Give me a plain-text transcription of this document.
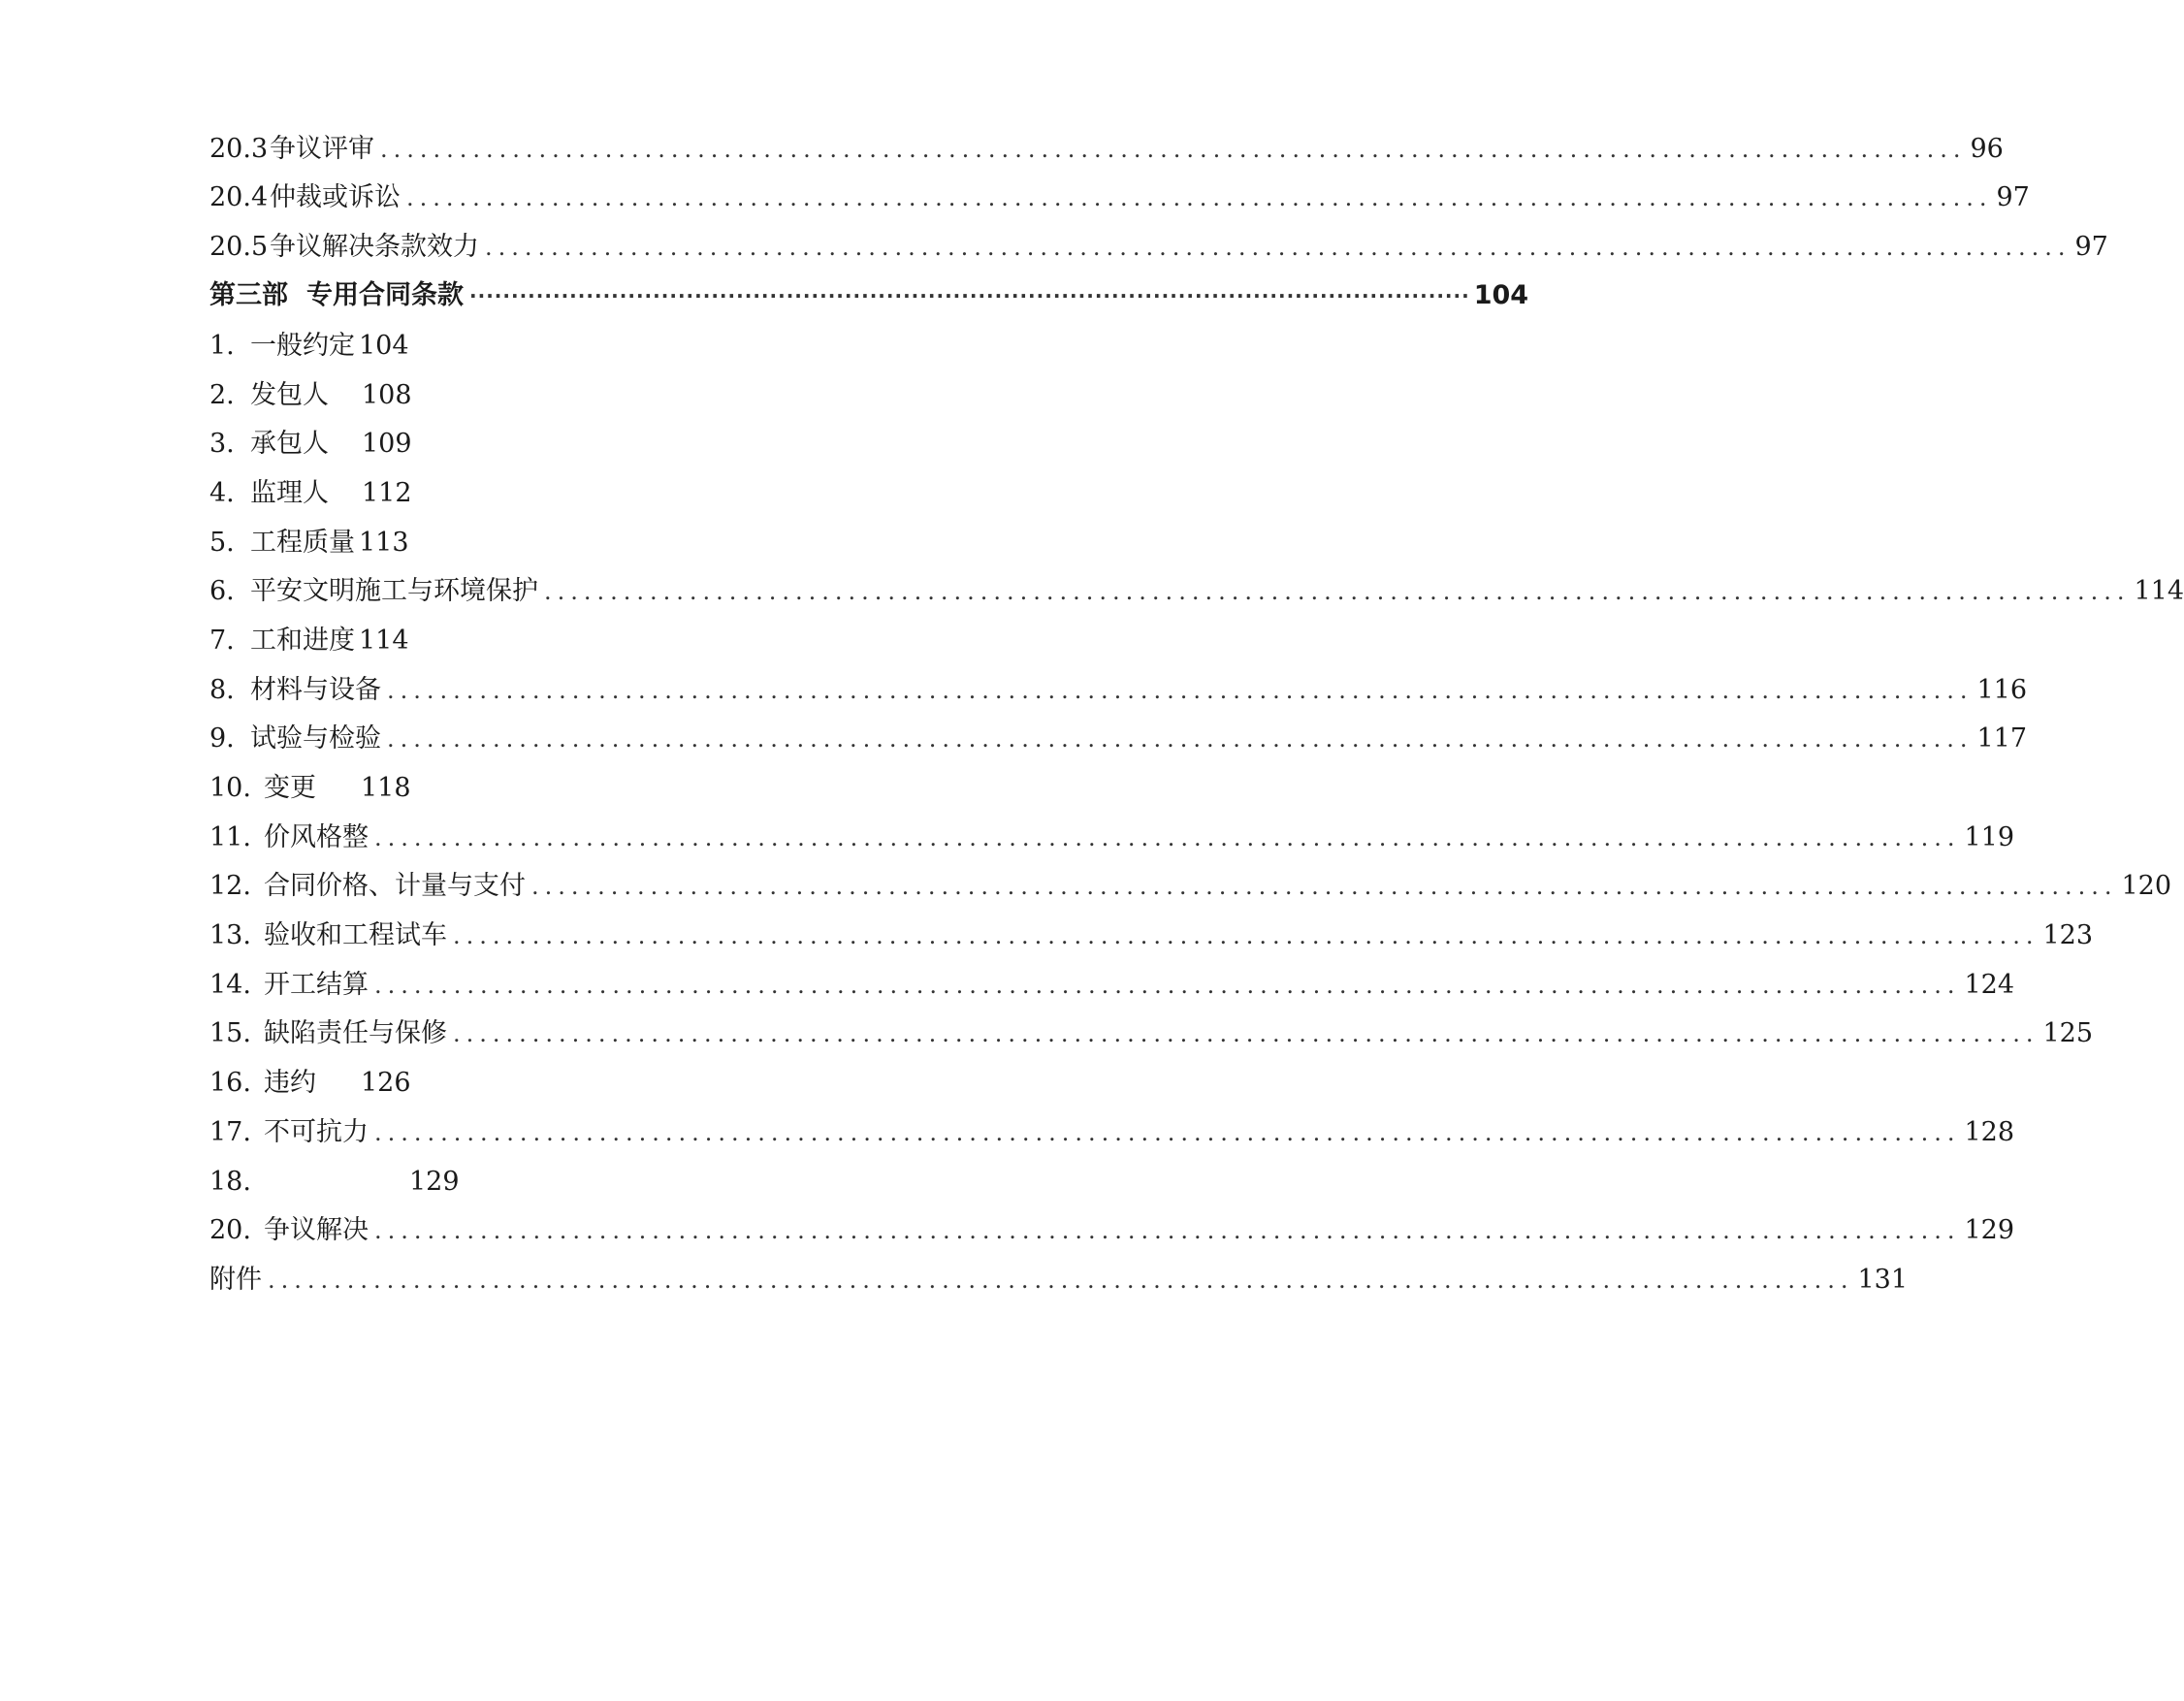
20.3 争议评审 ........................................................................................................................ 96
20.4 仲裁或诉讼 ........................................................................................................................ 97
20.5 争议解决条款效力 ........................................................................................................................ 97
第三部 专用合同条款 ························································································································ 104
1. 一般约定 104
2. 发包人 108
3. 承包人 109
4. 监理人 112
5. 工程质量 113
6. 平安文明施工与环境保护 ........................................................................................................................ 114
7. 工和进度 114
8. 材料与设备 ........................................................................................................................ 116
9. 试验与检验 ........................................................................................................................ 117
10. 变更 118
11. 价风格整 ........................................................................................................................ 119
12. 合同价格、计量与支付 ........................................................................................................................ 120
13. 验收和工程试车 ........................................................................................................................ 123
14. 开工结算 ........................................................................................................................ 124
15. 缺陷责任与保修 ........................................................................................................................ 125
16. 违约 126
17. 不可抗力 ........................................................................................................................ 128
18.	129
20. 争议解决 ........................................................................................................................ 129
附件 ........................................................................................................................ 131
